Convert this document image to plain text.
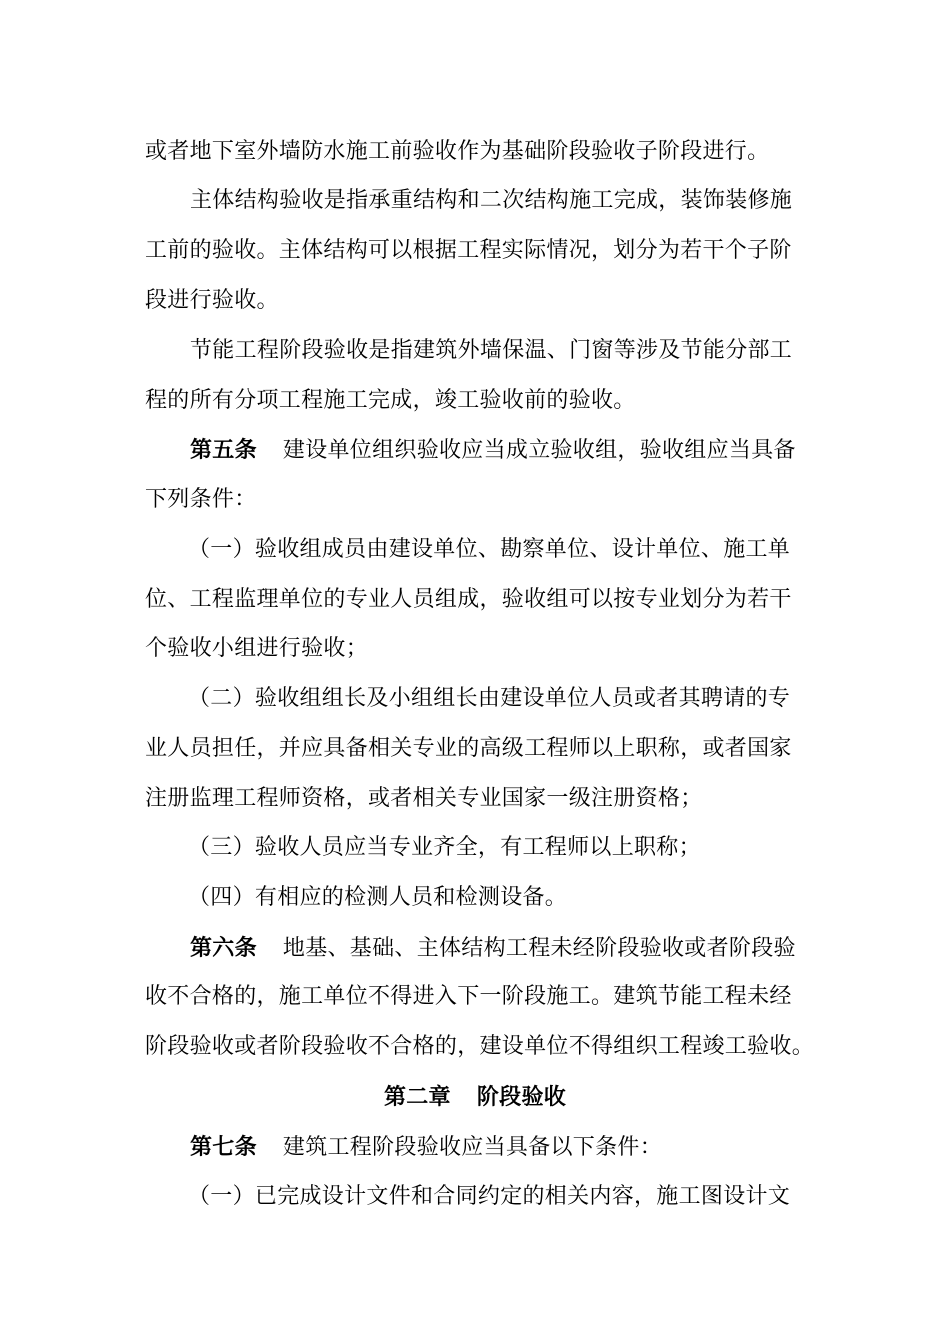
或者地下室外墙防水施工前验收作为基础阶段验收子阶段进行。
主体结构验收是指承重结构和二次结构施工完成，装饰装修施
工前的验收。主体结构可以根据工程实际情况，划分为若干个子阶
段进行验收。
节能工程阶段验收是指建筑外墙保温、门窗等涉及节能分部工
程的所有分项工程施工完成，竣工验收前的验收。
第五条 建设单位组织验收应当成立验收组，验收组应当具备
下列条件：
（一）验收组成员由建设单位、勘察单位、设计单位、施工单
位、工程监理单位的专业人员组成，验收组可以按专业划分为若干
个验收小组进行验收；
（二）验收组组长及小组组长由建设单位人员或者其聘请的专
业人员担任，并应具备相关专业的高级工程师以上职称，或者国家
注册监理工程师资格，或者相关专业国家一级注册资格；
（三）验收人员应当专业齐全，有工程师以上职称；
（四）有相应的检测人员和检测设备。
第六条 地基、基础、主体结构工程未经阶段验收或者阶段验
收不合格的，施工单位不得进入下一阶段施工。建筑节能工程未经
阶段验收或者阶段验收不合格的，建设单位不得组织工程竣工验收。
第二章 阶段验收
第七条 建筑工程阶段验收应当具备以下条件：
（一）已完成设计文件和合同约定的相关内容，施工图设计文
